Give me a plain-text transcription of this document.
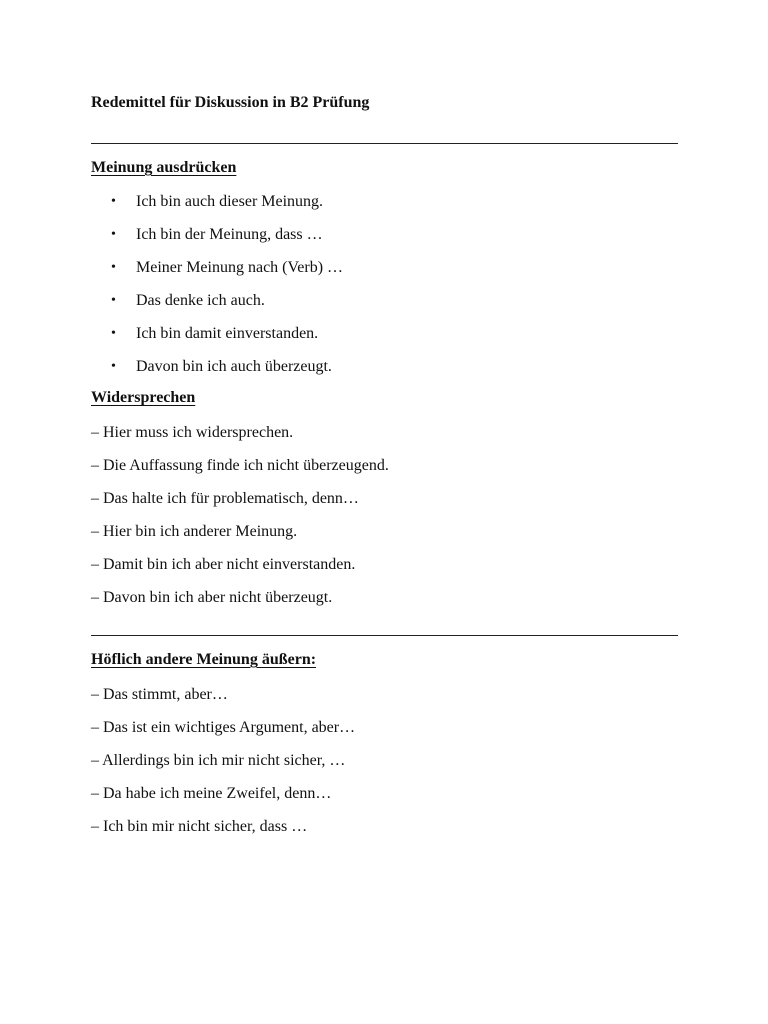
Redemittel für Diskussion in B2 Prüfung
Meinung ausdrücken
• Ich bin auch dieser Meinung.
• Ich bin der Meinung, dass …
• Meiner Meinung nach (Verb) …
• Das denke ich auch.
• Ich bin damit einverstanden.
• Davon bin ich auch überzeugt.
Widersprechen
– Hier muss ich widersprechen.
– Die Auffassung finde ich nicht überzeugend.
– Das halte ich für problematisch, denn…
– Hier bin ich anderer Meinung.
– Damit bin ich aber nicht einverstanden.
– Davon bin ich aber nicht überzeugt.
Höflich andere Meinung äußern:
– Das stimmt, aber…
– Das ist ein wichtiges Argument, aber…
– Allerdings bin ich mir nicht sicher, …
– Da habe ich meine Zweifel, denn…
– Ich bin mir nicht sicher, dass …
